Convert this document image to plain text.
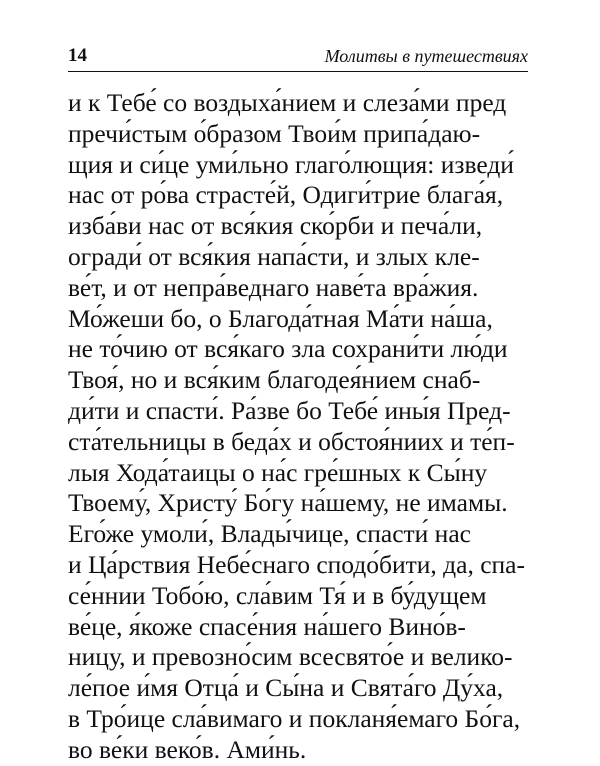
14	Молитвы в путешествиях
и к Тебе́ со воздыха́нием и слеза́ми пред
пречи́стым о́бразом Твои́м припа́даю-
щия и си́це уми́льно глаго́лющия: изведи́
нас от ро́ва страсте́й, Одиги́трие блага́я,
изба́ви нас от вся́кия ско́рби и печа́ли,
огради́ от вся́кия напа́сти, и злых кле-
ве́т, и от непра́веднаго наве́та вра́жия.
Мо́жеши бо, о Благода́тная Ма́ти на́ша,
не то́чию от вся́каго зла сохрани́ти лю́ди
Твоя́, но и вся́ким благодея́нием снаб-
ди́ти и спасти́. Ра́зве бо Тебе́ ины́я Пред-
ста́тельницы в беда́х и обстоя́ниих и те́п-
лыя Хода́таицы о на́с гре́шных к Сы́ну
Твоему́, Христу́ Бо́гу на́шему, не имамы.
Его́же умоли́, Влады́чице, спасти́ нас
и Ца́рствия Небе́снаго сподо́бити, да, спа-
се́ннии Тобо́ю, сла́вим Тя́ и в бу́дущем
ве́це, я́коже спасе́ния на́шего Вино́в-
ницу, и превозно́сим всесвято́е и велико-
ле́пое и́мя Отца́ и Сы́на и Свята́го Ду́ха,
в Тро́ице сла́вимаго и покланя́емаго Бо́га,
во ве́ки веко́в. Ами́нь.
